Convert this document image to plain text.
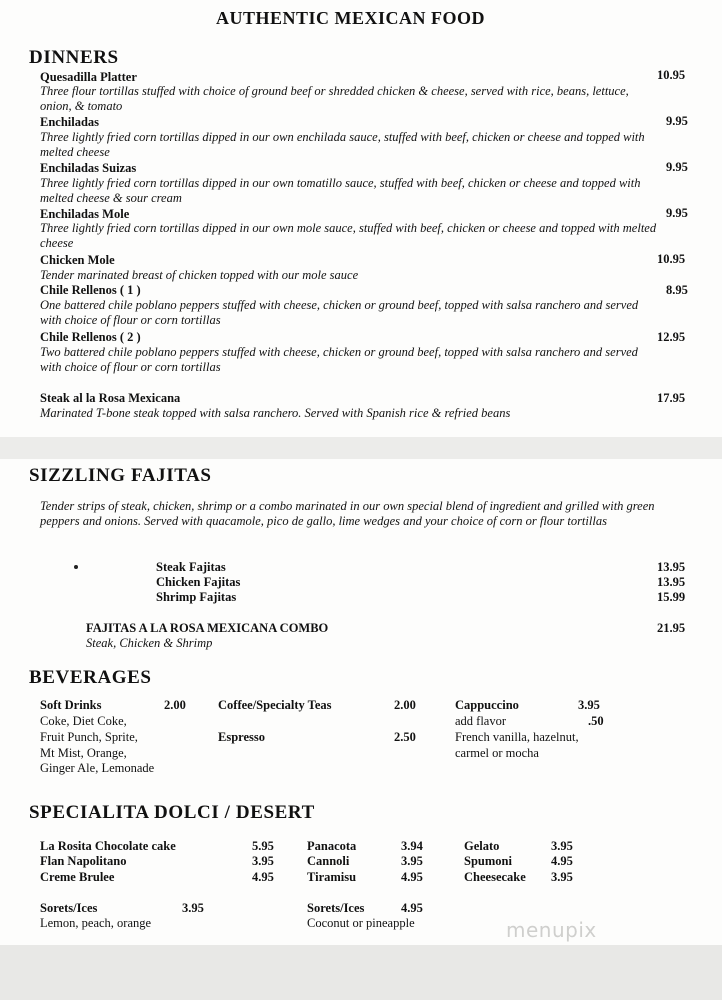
AUTHENTIC MEXICAN FOOD
DINNERS
Quesadilla Platter	10.95
Three flour tortillas stuffed with choice of ground beef or shredded chicken & cheese, served with rice, beans, lettuce, onion, & tomato
Enchiladas	9.95
Three lightly fried corn tortillas dipped in our own enchilada sauce, stuffed with beef, chicken or cheese and topped with melted cheese
Enchiladas Suizas	9.95
Three lightly fried corn tortillas dipped in our own tomatillo sauce, stuffed with beef, chicken or cheese and topped with melted cheese & sour cream
Enchiladas Mole	9.95
Three lightly fried corn tortillas dipped in our own mole sauce, stuffed with beef, chicken or cheese and topped with melted cheese
Chicken Mole	10.95
Tender marinated breast of chicken topped with our mole sauce
Chile Rellenos ( 1 )	8.95
One battered chile poblano peppers stuffed with cheese, chicken or ground beef, topped with salsa ranchero and served with choice of flour or corn tortillas
Chile Rellenos ( 2 )	12.95
Two battered chile poblano peppers stuffed with cheese, chicken or ground beef, topped with salsa ranchero and served with choice of flour or corn tortillas
Steak al la Rosa Mexicana	17.95
Marinated T-bone steak topped with salsa ranchero. Served with Spanish rice & refried beans
SIZZLING FAJITAS
Tender strips of steak, chicken, shrimp or a combo marinated in our own special blend of ingredient and grilled with green peppers and onions. Served with quacamole, pico de gallo, lime wedges and your choice of corn or flour tortillas
Steak Fajitas	13.95
Chicken Fajitas	13.95
Shrimp Fajitas	15.99
FAJITAS A LA ROSA MEXICANA COMBO	21.95
Steak, Chicken & Shrimp
BEVERAGES
Soft Drinks	2.00
Coke, Diet Coke,
Fruit Punch, Sprite,
Mt Mist, Orange,
Ginger Ale, Lemonade
Coffee/Specialty Teas	2.00
Espresso	2.50
Cappuccino	3.95
add flavor	.50
French vanilla, hazelnut,
carmel or mocha
SPECIALITA DOLCI / DESERT
La Rosita Chocolate cake	5.95
Flan Napolitano	3.95
Creme Brulee	4.95
Panacota	3.94
Cannoli	3.95
Tiramisu	4.95
Gelato	3.95
Spumoni	4.95
Cheesecake 3.95
Sorets/Ices	3.95
Lemon, peach, orange
Sorets/Ices	4.95
Coconut or pineapple	menupix
